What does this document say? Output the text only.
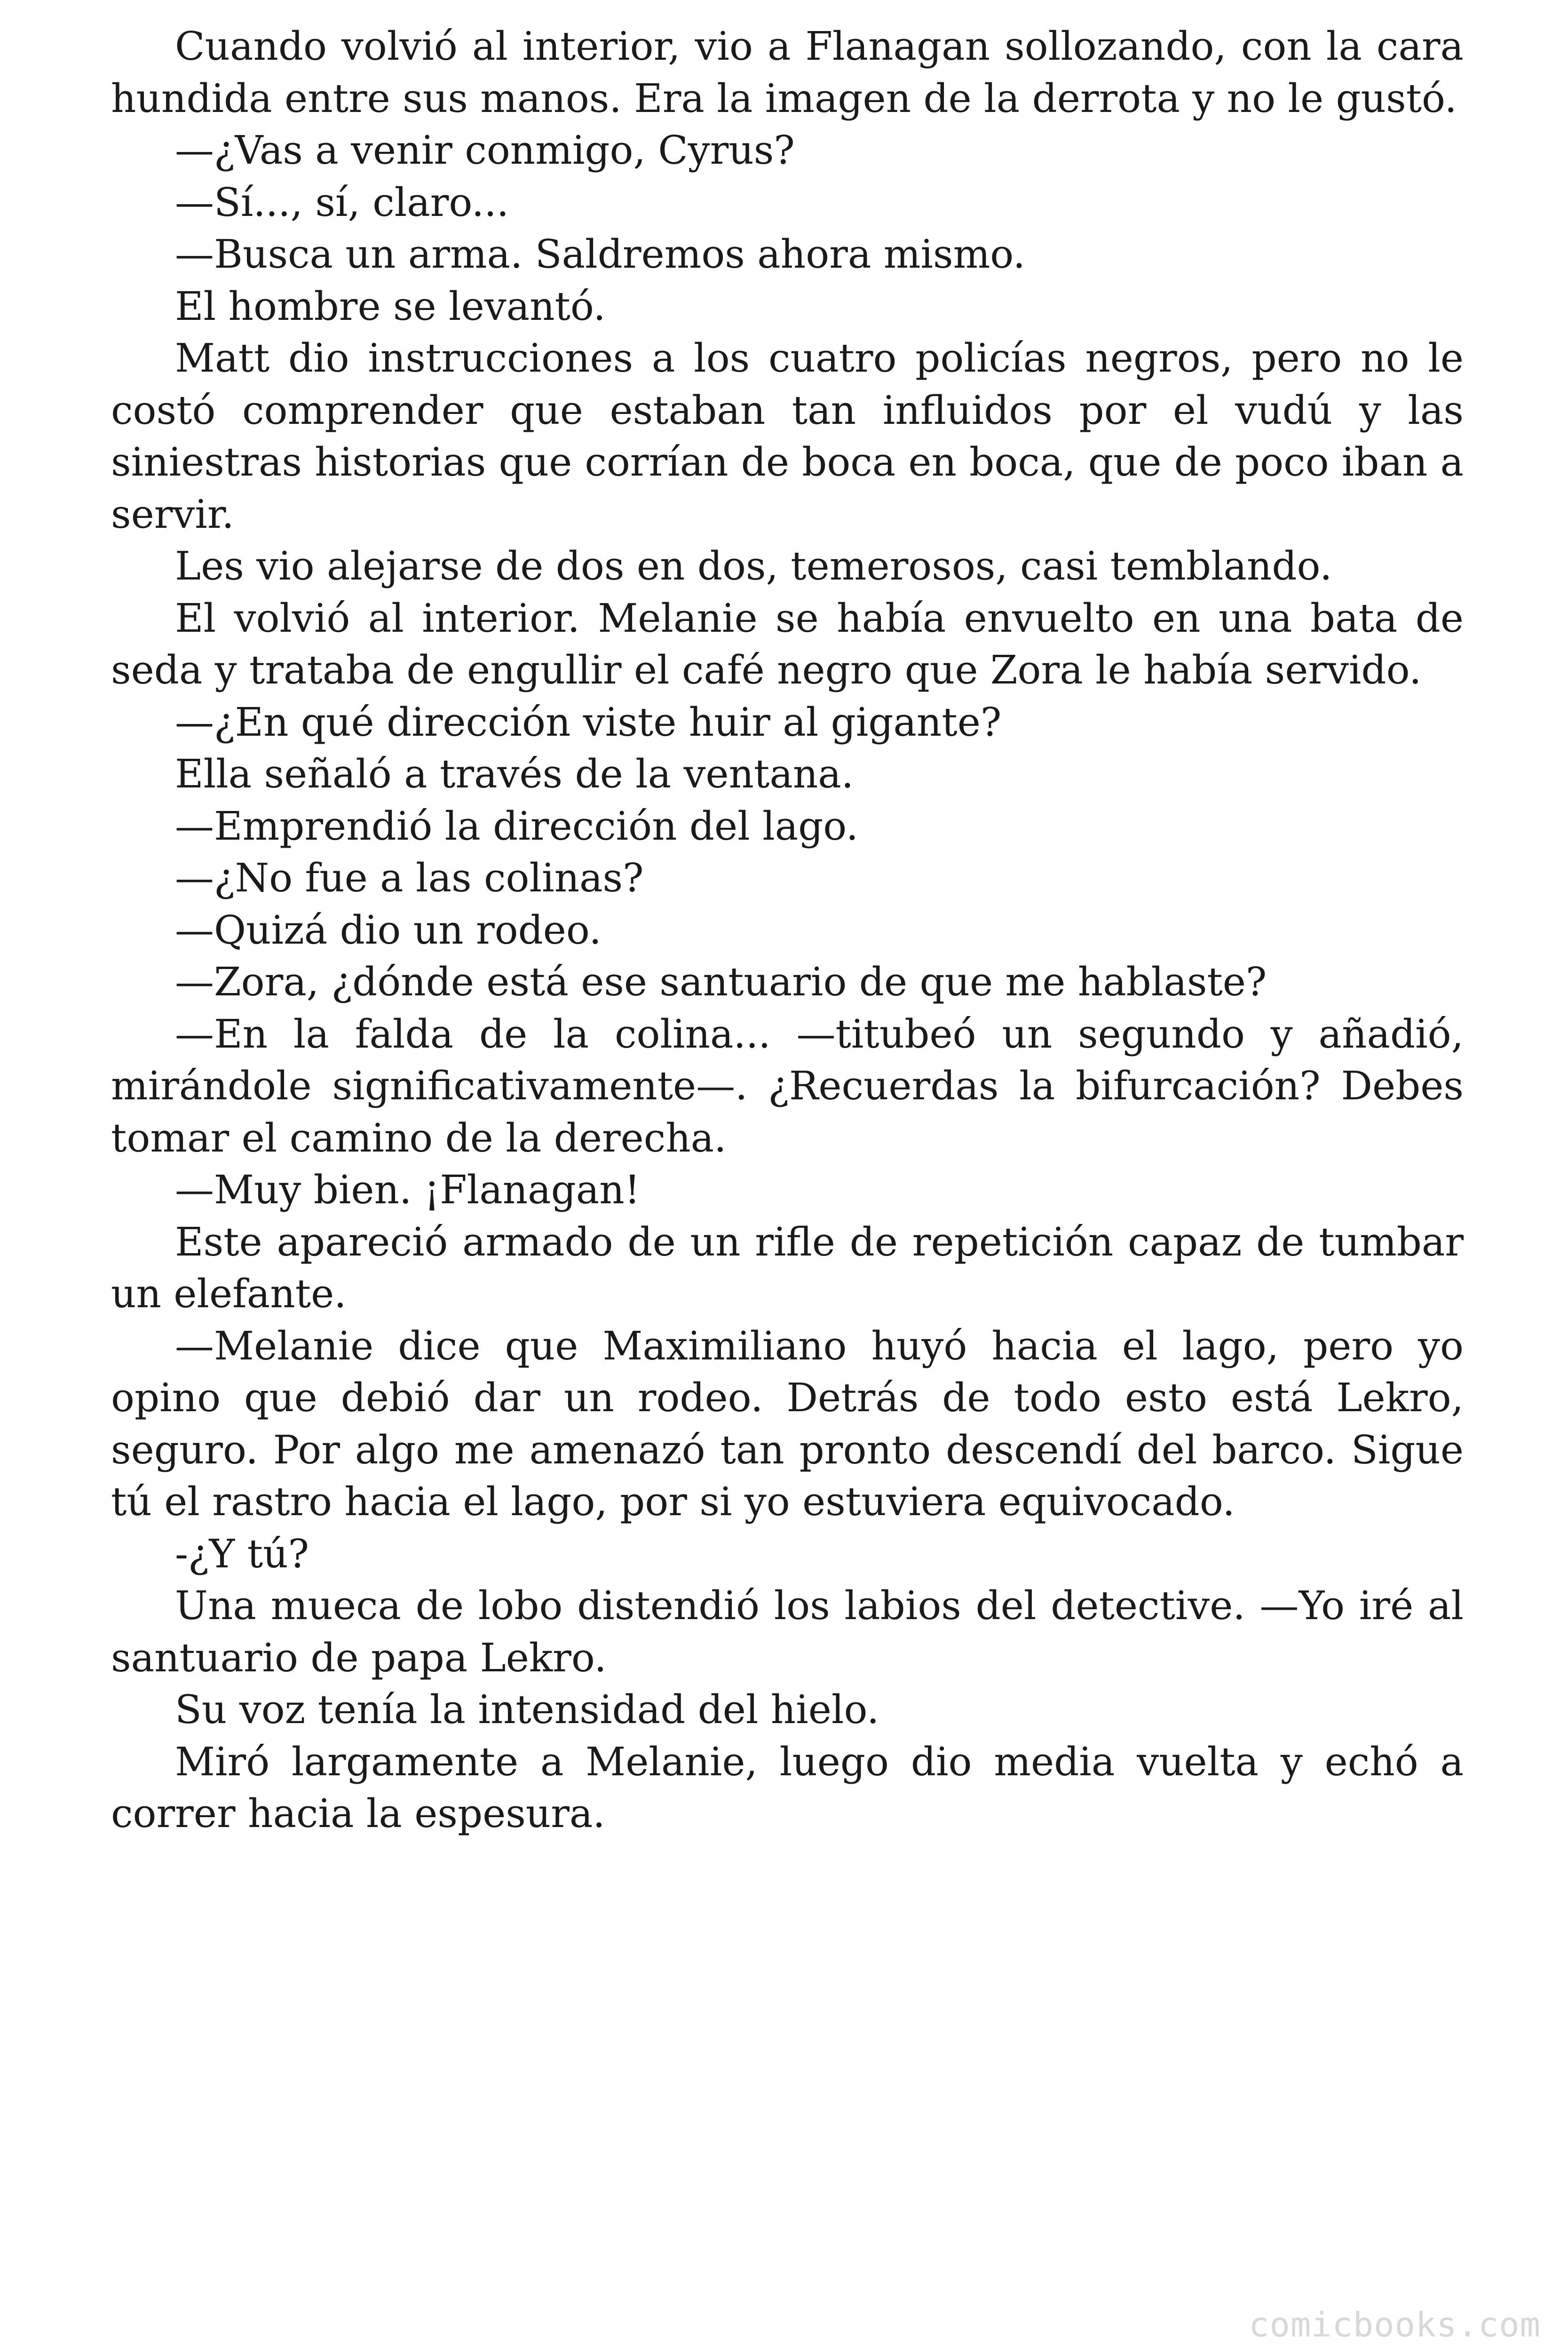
Cuando volvió al interior, vio a Flanagan sollozando, con la cara hundida entre sus manos. Era la imagen de la derrota y no le gustó.

—¿Vas a venir conmigo, Cyrus?

—Sí..., sí, claro...

—Busca un arma. Saldremos ahora mismo.

El hombre se levantó.

Matt dio instrucciones a los cuatro policías negros, pero no le costó comprender que estaban tan influidos por el vudú y las siniestras historias que corrían de boca en boca, que de poco iban a servir.

Les vio alejarse de dos en dos, temerosos, casi temblando.

El volvió al interior. Melanie se había envuelto en una bata de seda y trataba de engullir el café negro que Zora le había servido.

—¿En qué dirección viste huir al gigante?

Ella señaló a través de la ventana.

—Emprendió la dirección del lago.

—¿No fue a las colinas?

—Quizá dio un rodeo.

—Zora, ¿dónde está ese santuario de que me hablaste?

—En la falda de la colina... —titubeó un segundo y añadió, mirándole significativamente—. ¿Recuerdas la bifurcación? Debes tomar el camino de la derecha.

—Muy bien. ¡Flanagan!

Este apareció armado de un rifle de repetición capaz de tumbar un elefante.

—Melanie dice que Maximiliano huyó hacia el lago, pero yo opino que debió dar un rodeo. Detrás de todo esto está Lekro, seguro. Por algo me amenazó tan pronto descendí del barco. Sigue tú el rastro hacia el lago, por si yo estuviera equivocado.

-¿Y tú?

Una mueca de lobo distendió los labios del detective. —Yo iré al santuario de papa Lekro.

Su voz tenía la intensidad del hielo.

Miró largamente a Melanie, luego dio media vuelta y echó a correr hacia la espesura.

comicbooks.com
